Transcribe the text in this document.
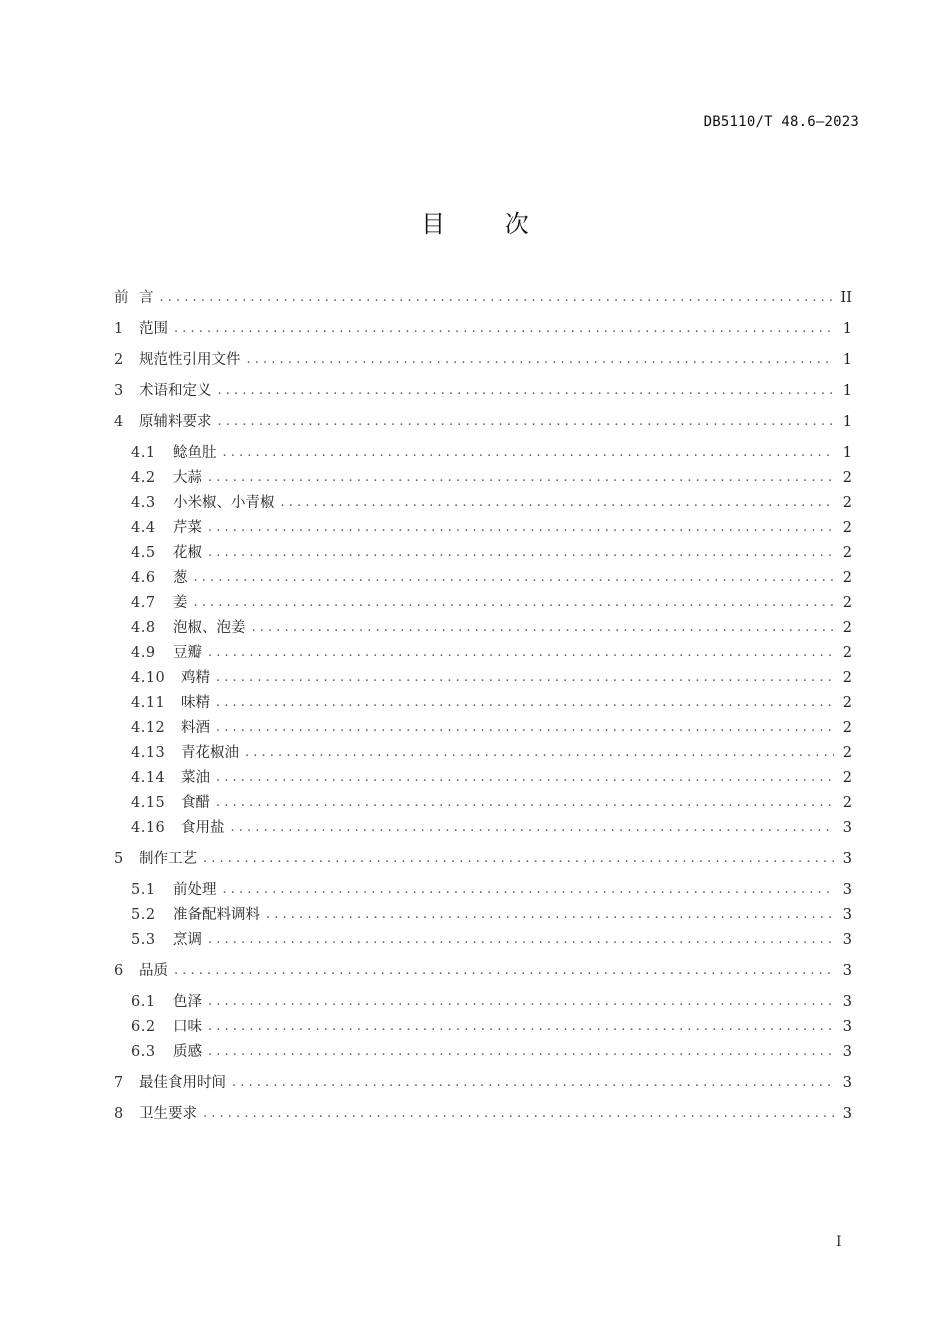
DB5110/T 48.6—2023
目 次
前 言 . . .	II
1	范围 . . .	1
2	规范性引用文件 . . .	1
3	术语和定义 . . .	1
4	原辅料要求 . . .	1
4.1	鲶鱼肚 . . .	1
4.2	大蒜 . . .	2
4.3	小米椒、小青椒 . . .	2
4.4	芹菜 . . .	2
4.5	花椒 . . .	2
4.6	葱 . . .	2
4.7	姜 . . .	2
4.8	泡椒、泡姜 . . .	2
4.9	豆瓣 . . .	2
4.10	鸡精 . . .	2
4.11	味精 . . .	2
4.12	料酒 . . .	2
4.13	青花椒油 . . .	2
4.14	菜油 . . .	2
4.15	食醋 . . .	2
4.16	食用盐 . . .	3
5	制作工艺 . . .	3
5.1	前处理 . . .	3
5.2	准备配料调料 . . .	3
5.3	烹调 . . .	3
6	品质 . . .	3
6.1	色泽 . . .	3
6.2	口味 . . .	3
6.3	质感 . . .	3
7	最佳食用时间 . . .	3
8	卫生要求 . . .	3
I
